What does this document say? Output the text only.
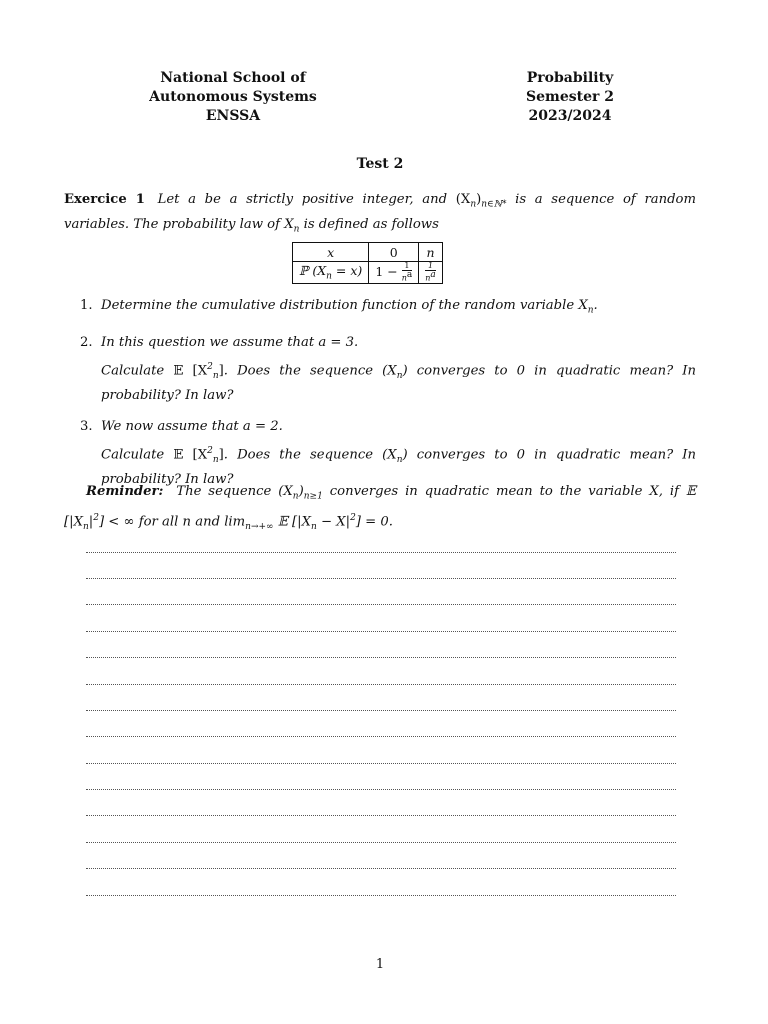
National School of
Autonomous Systems
ENSSA
Probability
Semester 2
2023/2024
Test 2
Exercice 1 Let a be a strictly positive integer, and $(X_n)_{n\in ℕ*}$ is a sequence of random variables. The probability law of $X_n$ is defined as follows
x	0	n
ℙ $(X_n = x)$	$1 - \frac{1}{n^a}$	$\frac{1}{n^a}$
1. Determine the cumulative distribution function of the random variable $X_n$.
2. In this question we assume that a = 3.
Calculate 𝔼 $[X^2_n]$. Does the sequence $(X_n)$ converges to 0 in quadratic mean? In probability? In law?
3. We now assume that a = 2.
Calculate 𝔼 $[X^2_n]$. Does the sequence $(X_n)$ converges to 0 in quadratic mean? In probability? In law?
Reminder: The sequence $(X_n)_{n\ge 1}$ converges in quadratic mean to the variable X, if 𝔼 $[|X_n|^2]$ < ∞ for all n and $\lim_{n\to+\infty}$ 𝔼 $[|X_n - X|^2] = 0$.
1
